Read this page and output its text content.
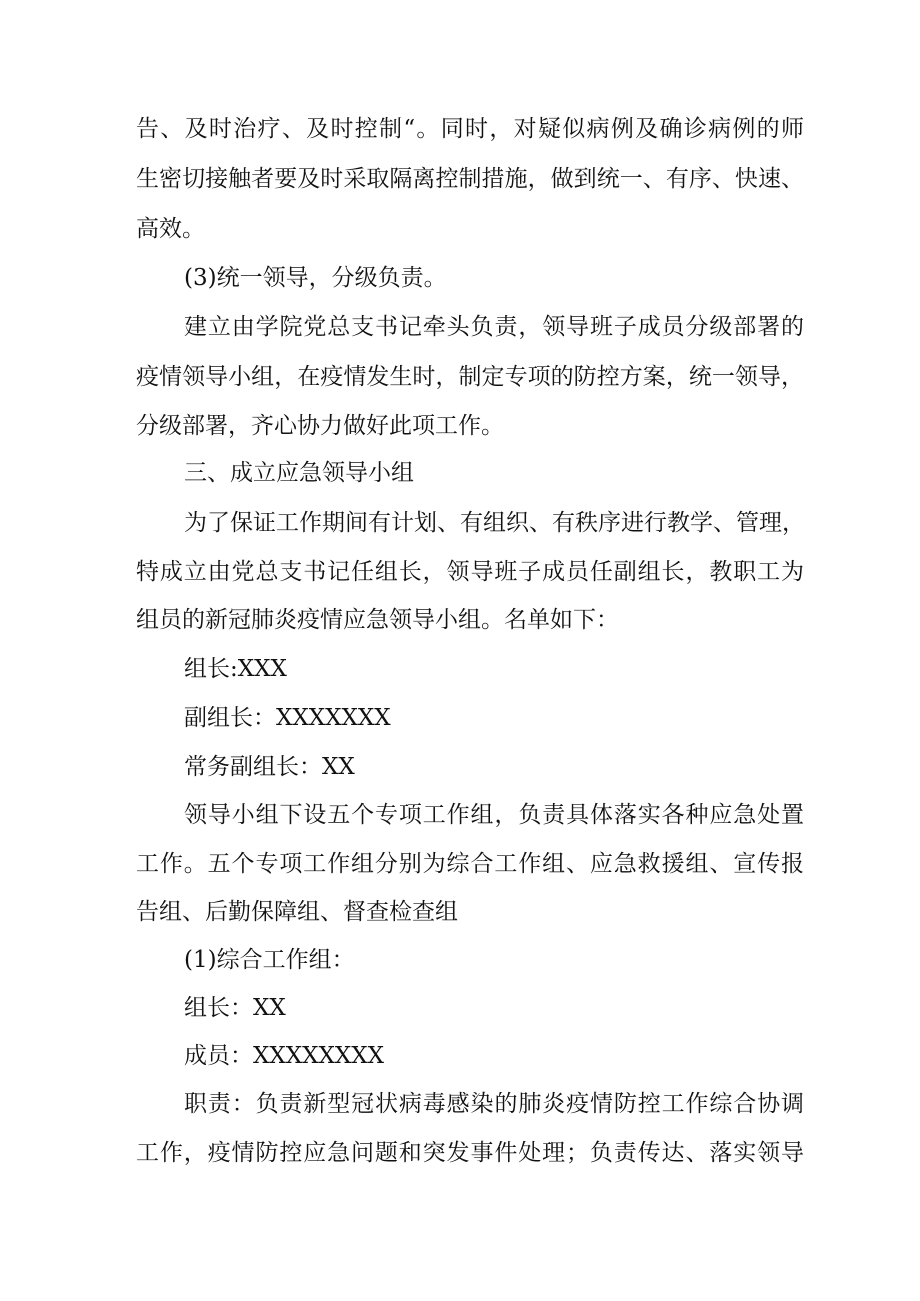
告、及时治疗、及时控制“。同时，对疑似病例及确诊病例的师
生密切接触者要及时采取隔离控制措施，做到统一、有序、快速、
高效。
(3)统一领导，分级负责。
建立由学院党总支书记牵头负责，领导班子成员分级部署的
疫情领导小组，在疫情发生时，制定专项的防控方案，统一领导，
分级部署，齐心协力做好此项工作。
三、成立应急领导小组
为了保证工作期间有计划、有组织、有秩序进行教学、管理，
特成立由党总支书记任组长，领导班子成员任副组长，教职工为
组员的新冠肺炎疫情应急领导小组。名单如下：
组长:XXX
副组长：XXXXXXX
常务副组长：XX
领导小组下设五个专项工作组，负责具体落实各种应急处置
工作。五个专项工作组分别为综合工作组、应急救援组、宣传报
告组、后勤保障组、督查检查组
(1)综合工作组：
组长：XX
成员：XXXXXXXX
职责：负责新型冠状病毒感染的肺炎疫情防控工作综合协调
工作，疫情防控应急问题和突发事件处理；负责传达、落实领导
